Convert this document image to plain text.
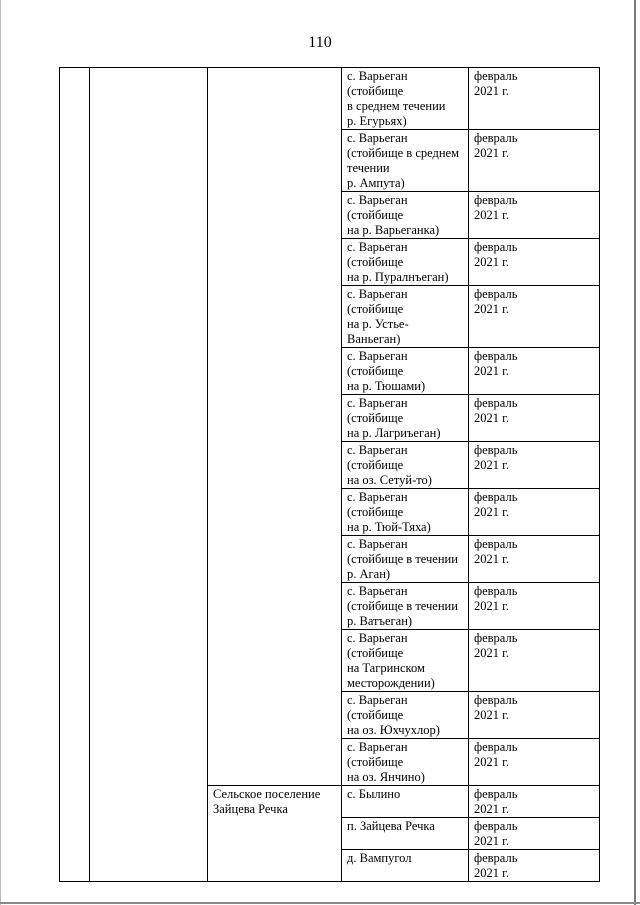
110
			с. Варьеган
(стойбище
в среднем течении
р. Егурьях)	февраль
2021 г.
			с. Варьеган
(стойбище в среднем
течении
р. Ампута)	февраль
2021 г.
			с. Варьеган
(стойбище
на р. Варьеганка)	февраль
2021 г.
			с. Варьеган
(стойбище
на р. Пуралнъеган)	февраль
2021 г.
			с. Варьеган
(стойбище
на р. Устье-
Ваньеган)	февраль
2021 г.
			с. Варьеган
(стойбище
на р. Тюшами)	февраль
2021 г.
			с. Варьеган
(стойбище
на р. Лагриъеган)	февраль
2021 г.
			с. Варьеган
(стойбище
на оз. Сетуй-то)	февраль
2021 г.
			с. Варьеган
(стойбище
на р. Тюй-Тяха)	февраль
2021 г.
			с. Варьеган
(стойбище в течении
р. Аган)	февраль
2021 г.
			с. Варьеган
(стойбище в течении
р. Ватъеган)	февраль
2021 г.
			с. Варьеган
(стойбище
на Тагринском
месторождении)	февраль
2021 г.
			с. Варьеган
(стойбище
на оз. Юхчухлор)	февраль
2021 г.
			с. Варьеган
(стойбище
на оз. Янчино)	февраль
2021 г.
		Сельское поселение
Зайцева Речка	с. Былино	февраль
2021 г.
			п. Зайцева Речка	февраль
2021 г.
			д. Вампугол	февраль
2021 г.
